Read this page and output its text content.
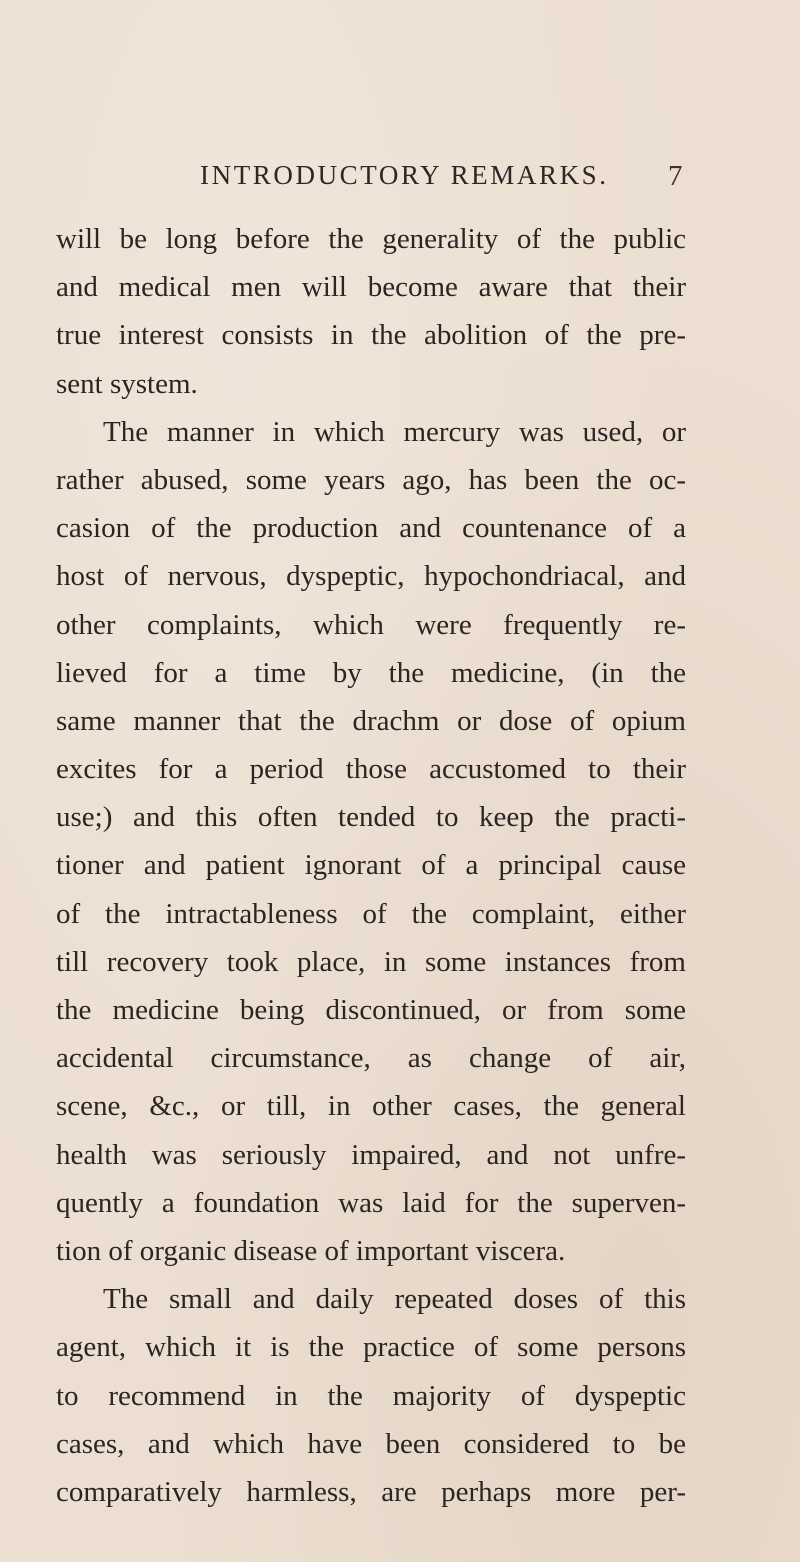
INTRODUCTORY REMARKS. 7
will be long before the generality of the public
and medical men will become aware that their
true interest consists in the abolition of the pre-
sent system.
The manner in which mercury was used, or
rather abused, some years ago, has been the oc-
casion of the production and countenance of a
host of nervous, dyspeptic, hypochondriacal, and
other complaints, which were frequently re-
lieved for a time by the medicine, (in the
same manner that the drachm or dose of opium
excites for a period those accustomed to their
use;) and this often tended to keep the practi-
tioner and patient ignorant of a principal cause
of the intractableness of the complaint, either
till recovery took place, in some instances from
the medicine being discontinued, or from some
accidental circumstance, as change of air,
scene, &c., or till, in other cases, the general
health was seriously impaired, and not unfre-
quently a foundation was laid for the superven-
tion of organic disease of important viscera.
The small and daily repeated doses of this
agent, which it is the practice of some persons
to recommend in the majority of dyspeptic
cases, and which have been considered to be
comparatively harmless, are perhaps more per-
